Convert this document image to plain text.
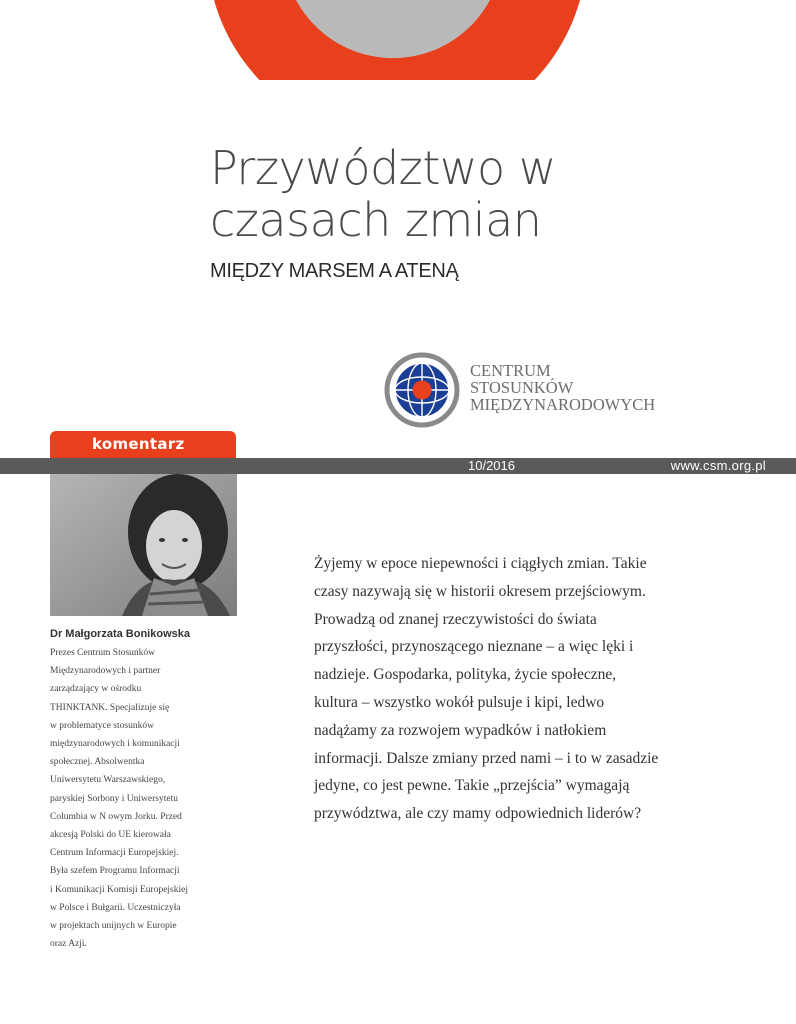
Przywództwo w czasach zmian
MIĘDZY MARSEM A ATENĄ
CENTRUM
STOSUNKÓW
MIĘDZYNARODOWYCH
komentarz
10/2016	www.csm.org.pl
Dr Małgorzata Bonikowska
Prezes Centrum Stosunków
Międzynarodowych i partner
zarządzający w ośrodku
THINKTANK. Specjalizuje się
w problematyce stosunków
międzynarodowych i komunikacji
społecznej. Absolwentka
Uniwersytetu Warszawskiego,
paryskiej Sorbony i Uniwersytetu
Columbia w N owym Jorku. Przed
akcesją Polski do UE kierowała
Centrum Informacji Europejskiej.
Była szefem Programu Informacji
i Komunikacji Komisji Europejskiej
w Polsce i Bułgarii. Uczestniczyła
w projektach unijnych w Europie
oraz Azji.
Żyjemy w epoce niepewności i ciągłych zmian. Takie
czasy nazywają się w historii okresem przejściowym.
Prowadzą od znanej rzeczywistości do świata
przyszłości, przynoszącego nieznane – a więc lęki i
nadzieje. Gospodarka, polityka, życie społeczne,
kultura – wszystko wokół pulsuje i kipi, ledwo
nadążamy za rozwojem wypadków i natłokiem
informacji. Dalsze zmiany przed nami – i to w zasadzie
jedyne, co jest pewne. Takie „przejścia” wymagają
przywództwa, ale czy mamy odpowiednich liderów?
